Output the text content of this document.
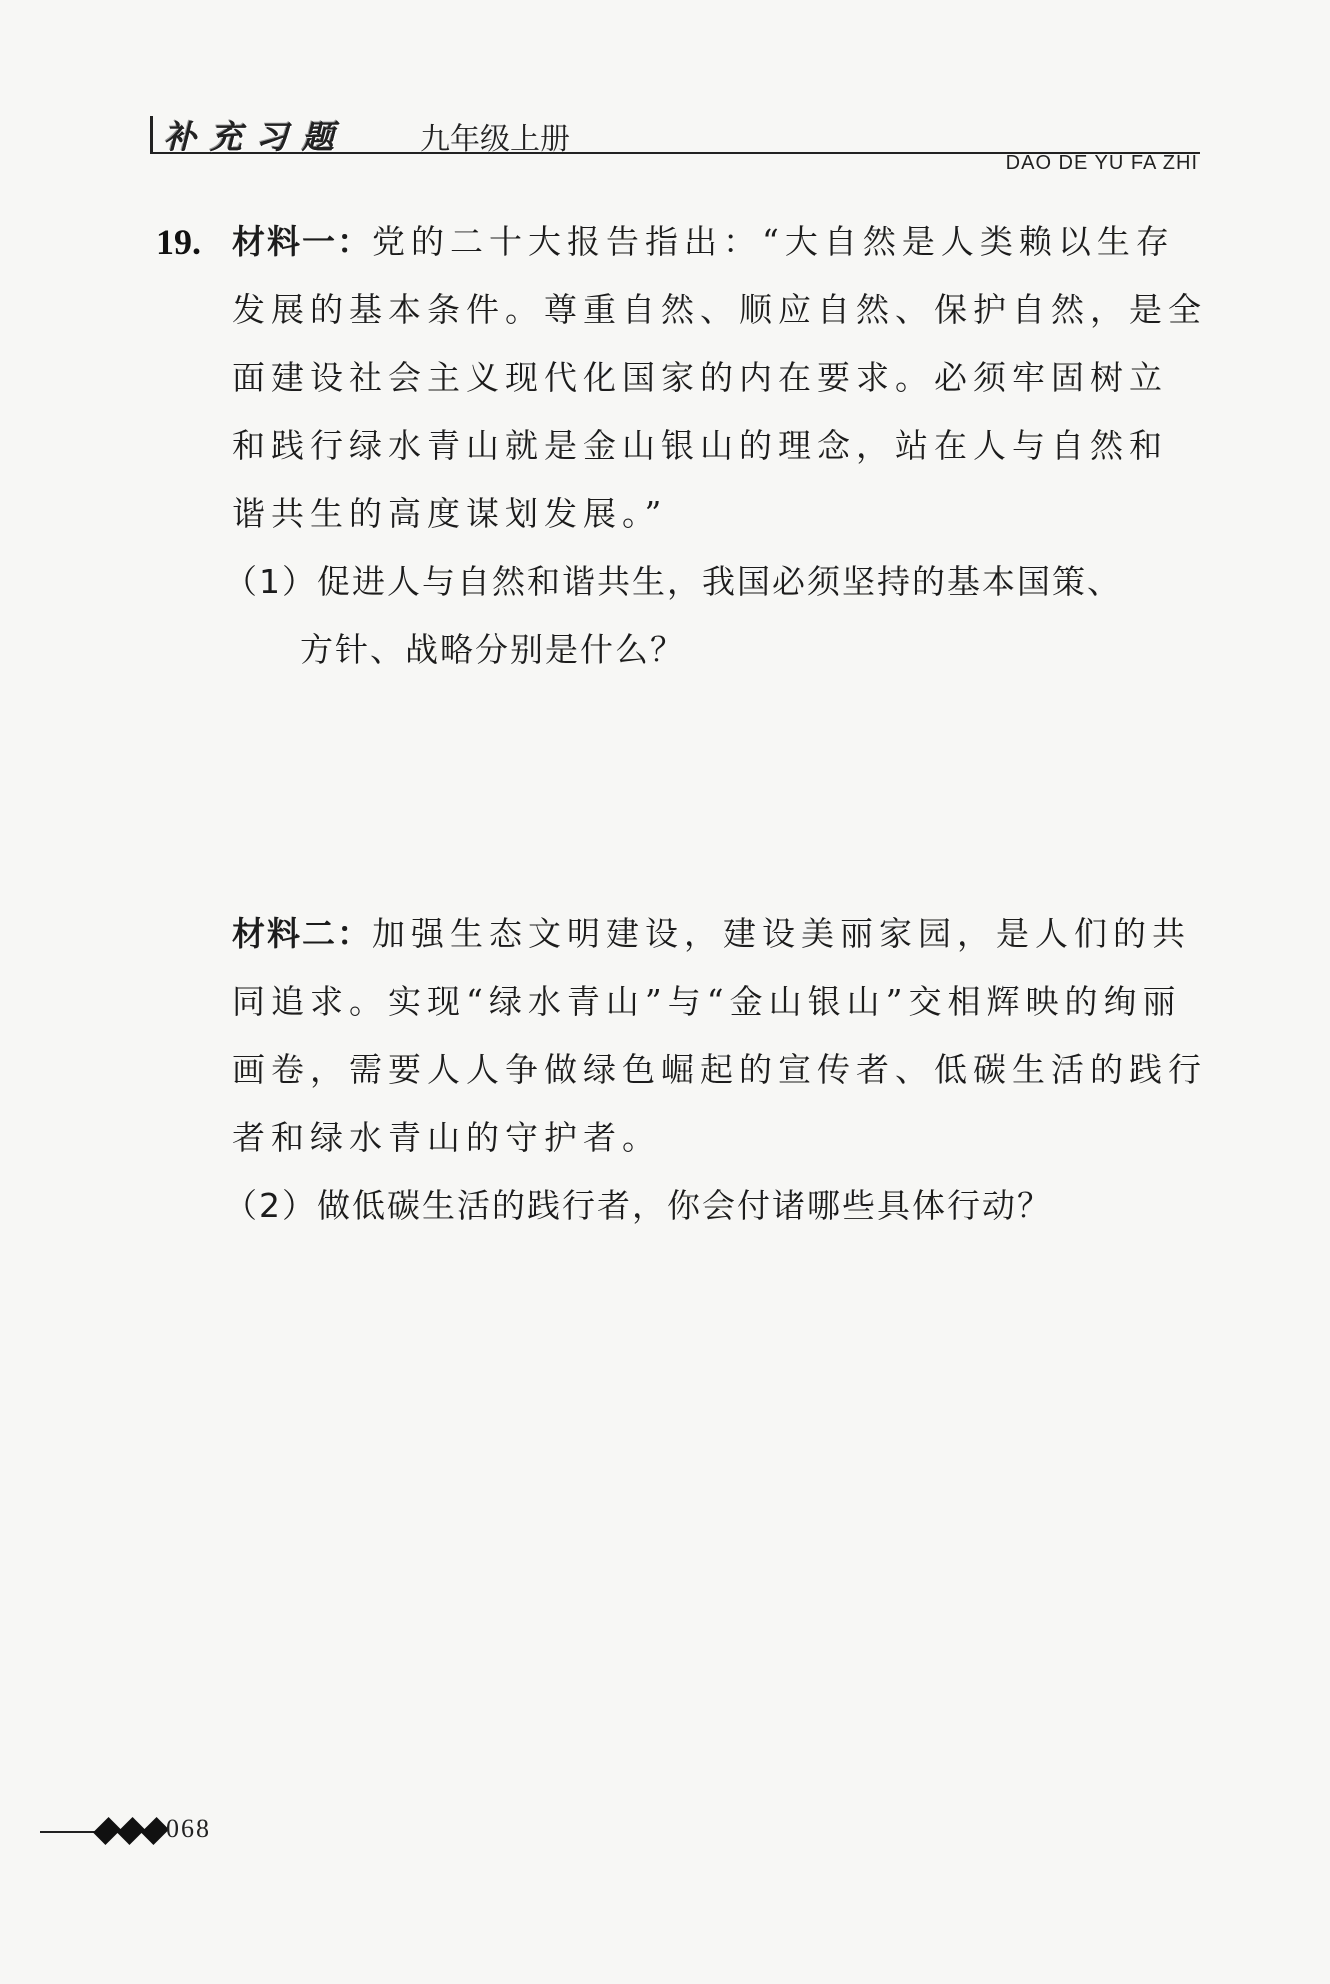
补充习题 九年级上册
DAO DE YU FA ZHI
19. 材料一：党的二十大报告指出：“大自然是人类赖以生存
发展的基本条件。尊重自然、顺应自然、保护自然，是全
面建设社会主义现代化国家的内在要求。必须牢固树立
和践行绿水青山就是金山银山的理念，站在人与自然和
谐共生的高度谋划发展。”
（1）促进人与自然和谐共生，我国必须坚持的基本国策、
方针、战略分别是什么？
材料二：加强生态文明建设，建设美丽家园，是人们的共
同追求。实现“绿水青山”与“金山银山”交相辉映的绚丽
画卷，需要人人争做绿色崛起的宣传者、低碳生活的践行
者和绿水青山的守护者。
（2）做低碳生活的践行者，你会付诸哪些具体行动？
068
